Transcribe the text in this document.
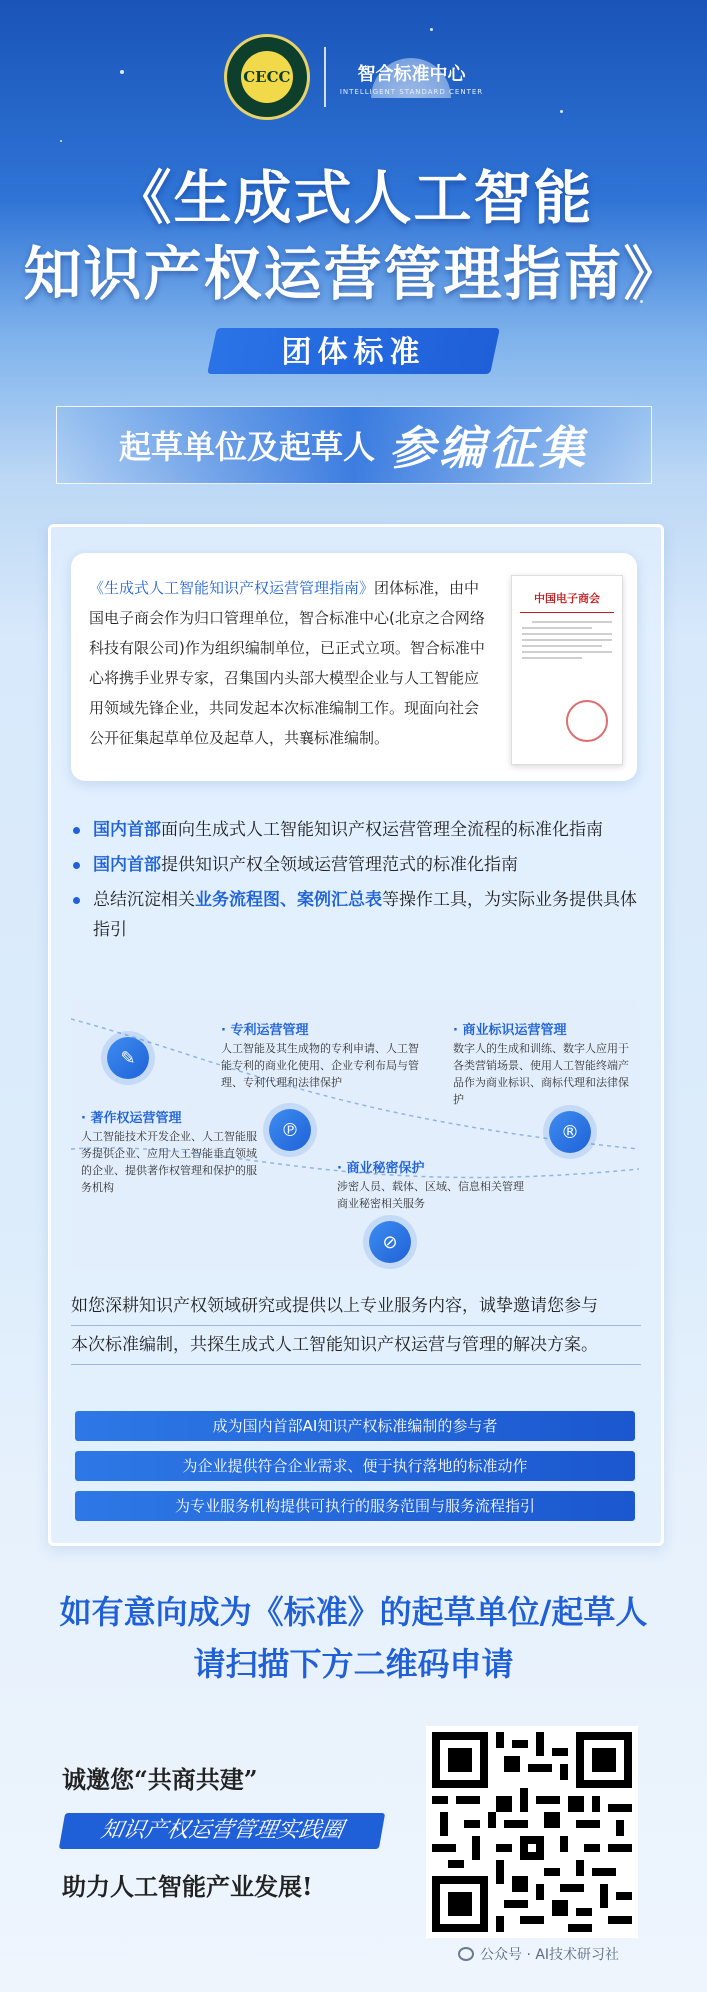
CECC	智合标准中心
INTELLIGENT STANDARD CENTER
《生成式人工智能
知识产权运营管理指南》
团体标准
起草单位及起草人 参编征集
《生成式人工智能知识产权运营管理指南》团体标准，由中国电子商会作为归口管理单位，智合标准中心(北京之合网络科技有限公司)作为组织编制单位，已正式立项。智合标准中心将携手业界专家，召集国内头部大模型企业与人工智能应用领域先锋企业，共同发起本次标准编制工作。现面向社会公开征集起草单位及起草人，共襄标准编制。
中国电子商会
国内首部面向生成式人工智能知识产权运营管理全流程的标准化指南
国内首部提供知识产权全领域运营管理范式的标准化指南
总结沉淀相关业务流程图、案例汇总表等操作工具，为实际业务提供具体指引
✎
℗	®
⊘
· 专利运营管理
人工智能及其生成物的专利申请、人工智能专利的商业化使用、企业专利布局与管理、专利代理和法律保护
· 商业标识运营管理
数字人的生成和训练、数字人应用于各类营销场景、使用人工智能终端产品作为商业标识、商标代理和法律保护
· 著作权运营管理
人工智能技术开发企业、人工智能服务提供企业、应用人工智能垂直领域的企业、提供著作权管理和保护的服务机构
· 商业秘密保护
涉密人员、载体、区域、信息相关管理商业秘密相关服务
如您深耕知识产权领域研究或提供以上专业服务内容，诚挚邀请您参与
本次标准编制，共探生成式人工智能知识产权运营与管理的解决方案。
成为国内首部AI知识产权标准编制的参与者
为企业提供符合企业需求、便于执行落地的标准动作
为专业服务机构提供可执行的服务范围与服务流程指引
如有意向成为《标准》的起草单位/起草人
请扫描下方二维码申请
诚邀您“共商共建”
知识产权运营管理实践圈
助力人工智能产业发展!
公众号 · AI技术研习社
